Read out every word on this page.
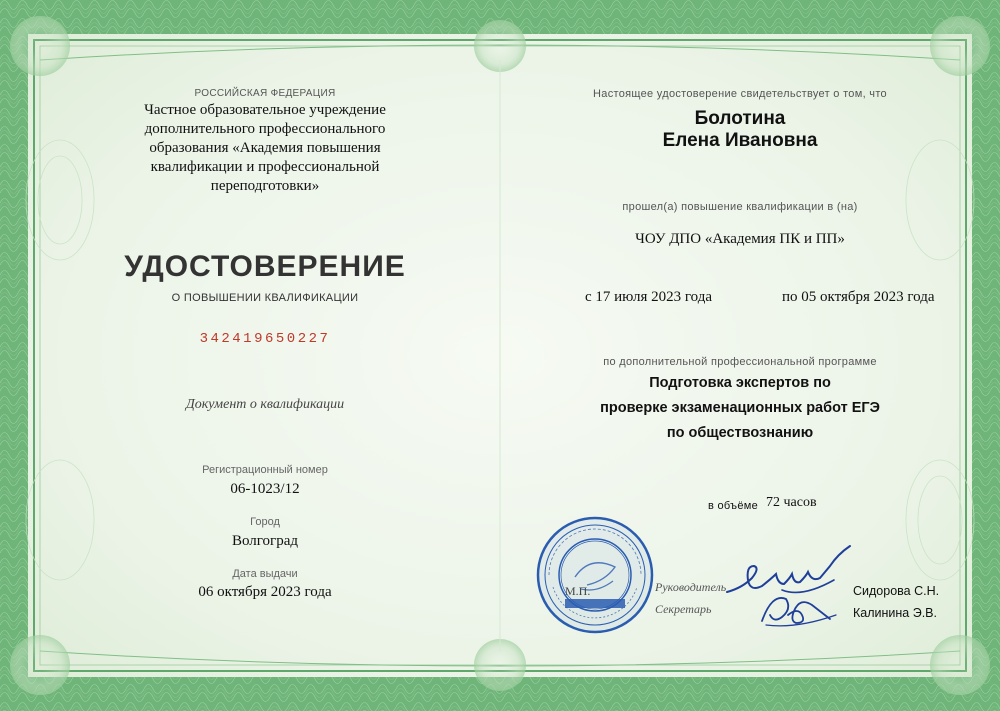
РОССИЙСКАЯ ФЕДЕРАЦИЯ
Частное образовательное учреждение дополнительного профессионального образования «Академия повышения квалификации и профессиональной переподготовки»
УДОСТОВЕРЕНИЕ
О ПОВЫШЕНИИ КВАЛИФИКАЦИИ
342419650227
Документ о квалификации
Регистрационный номер
06-1023/12
Город
Волгоград
Дата выдачи
06 октября 2023 года
Настоящее удостоверение свидетельствует о том, что
Болотина
Елена Ивановна
прошел(а) повышение квалификации в (на)
ЧОУ ДПО «Академия ПК и ПП»
с 17 июля 2023 года	по 05 октября 2023 года
по дополнительной профессиональной программе
Подготовка экспертов по
проверке экзаменационных работ ЕГЭ
по обществознанию
в объёме 72 часов
М.П.	Руководитель	Сидорова С.Н.
Секретарь	Калинина Э.В.
